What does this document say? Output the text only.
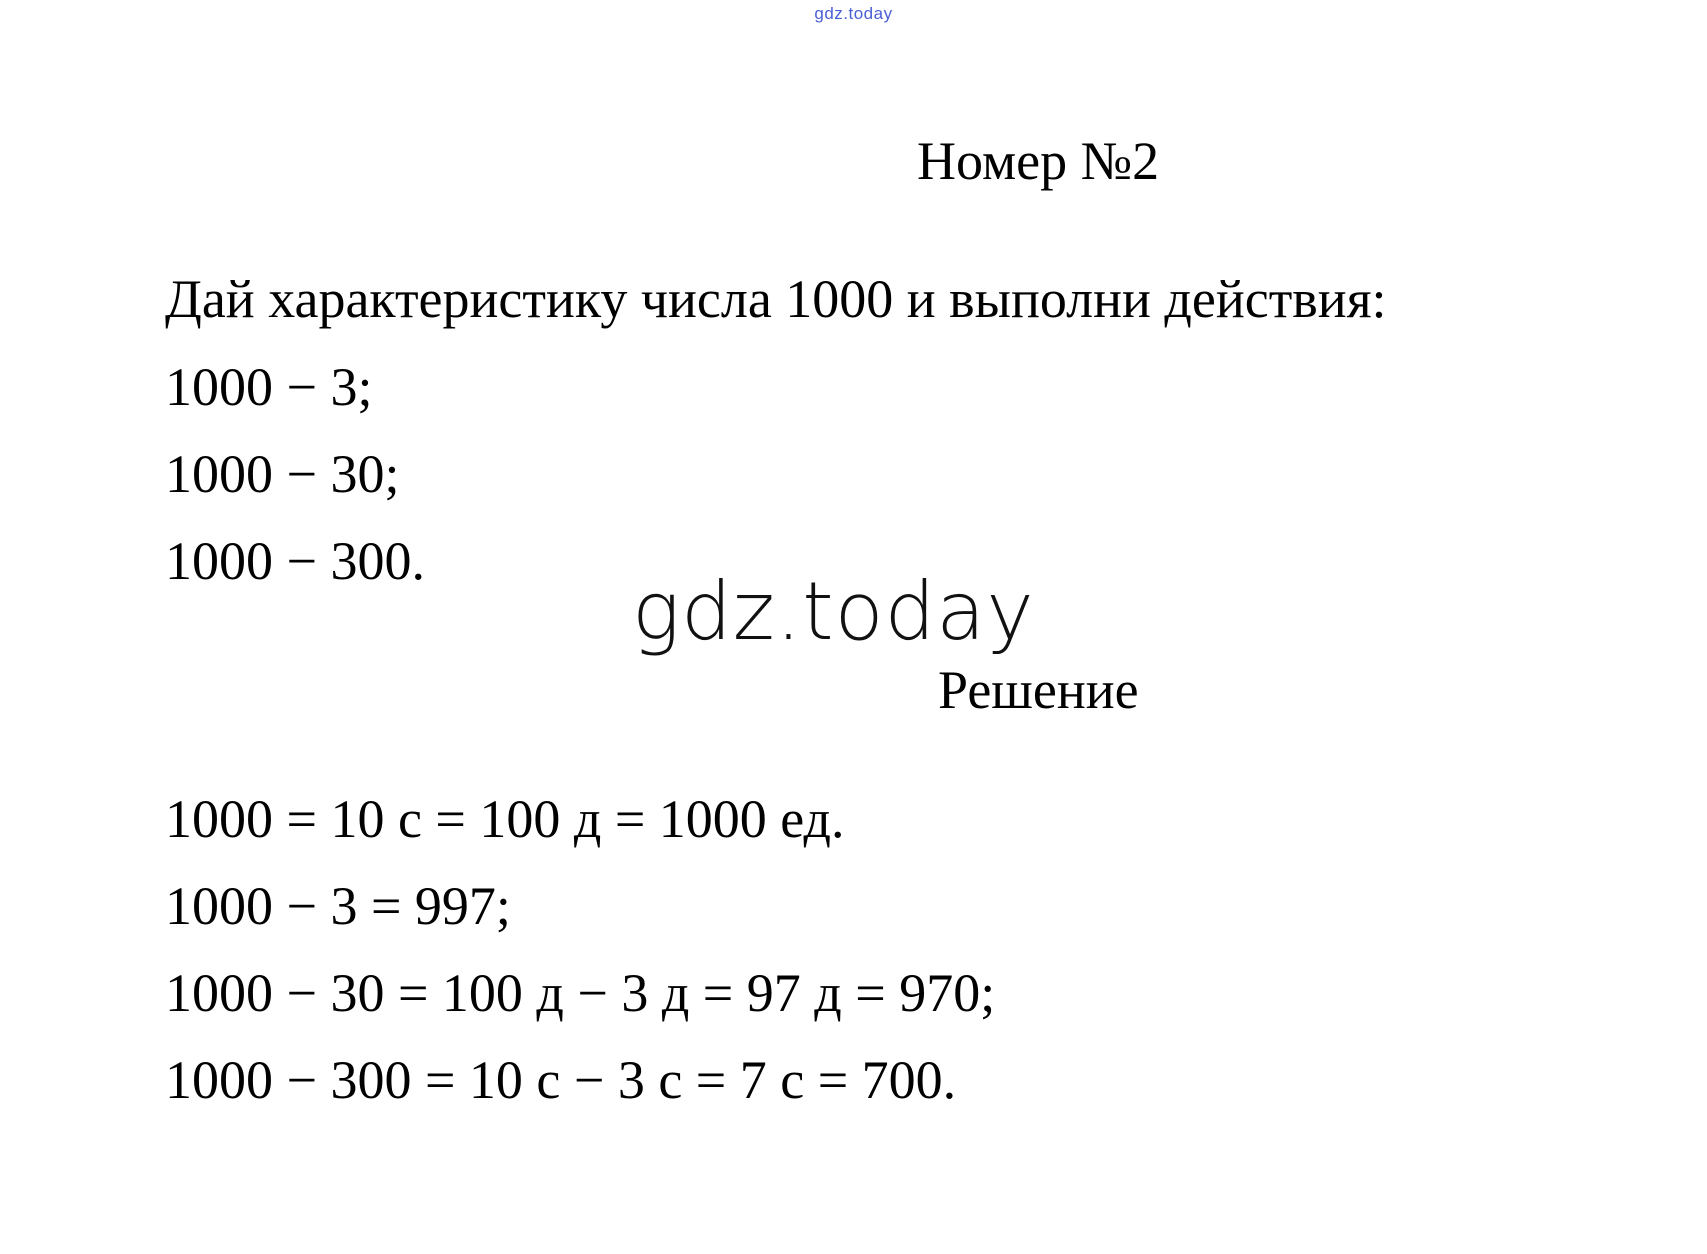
gdz.today
Номер №2
Дай характеристику числа 1000 и выполни действия:
1000 − 3;
1000 − 30;
1000 − 300.
gdz.today
Решение
1000 = 10 с = 100 д = 1000 ед.
1000 − 3 = 997;
1000 − 30 = 100 д − 3 д = 97 д = 970;
1000 − 300 = 10 с − 3 с = 7 с = 700.
